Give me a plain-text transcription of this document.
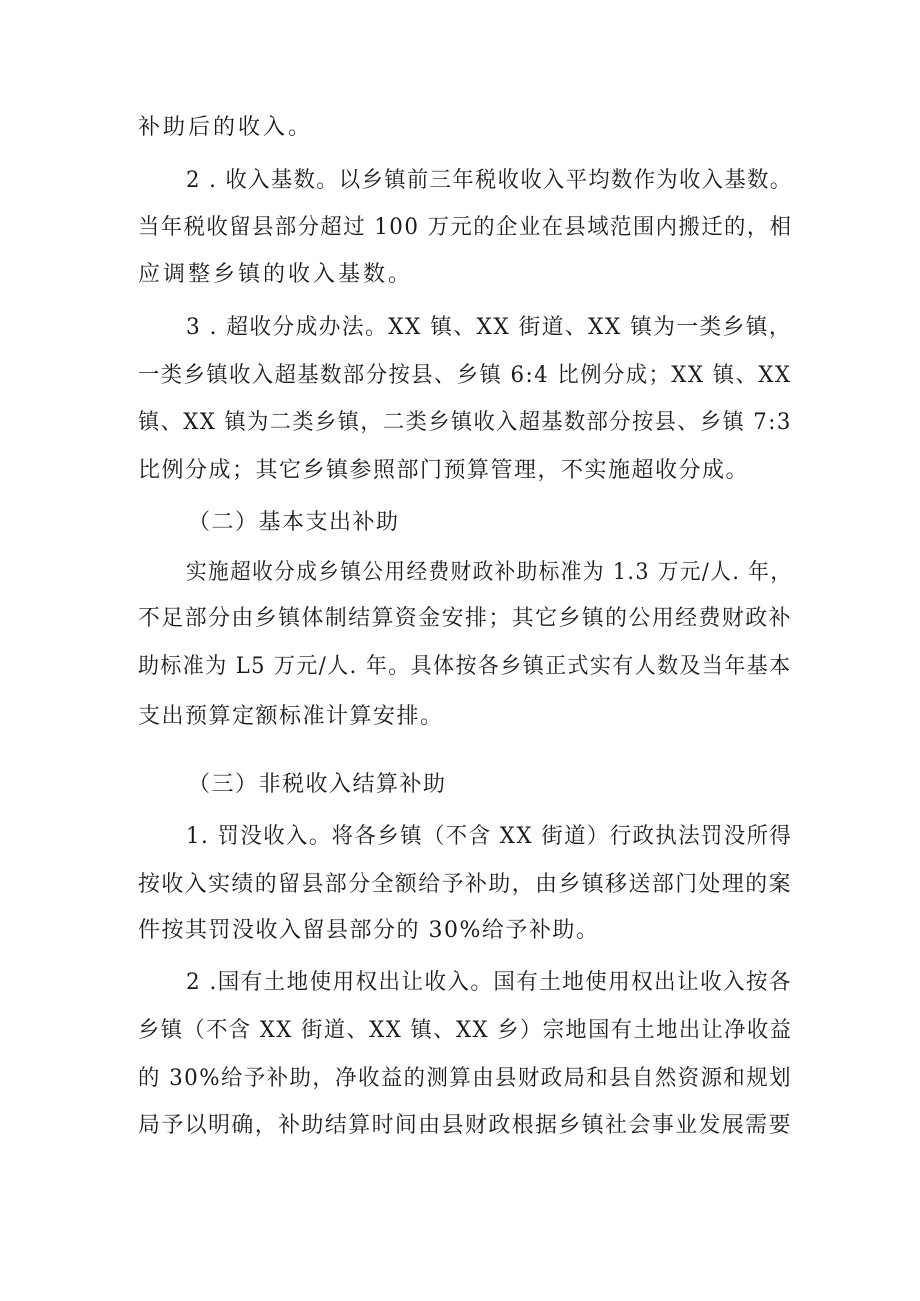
补助后的收入。
2 . 收入基数。以乡镇前三年税收收入平均数作为收入基数。
当年税收留县部分超过 100 万元的企业在县域范围内搬迁的，相
应调整乡镇的收入基数。
3 . 超收分成办法。XX 镇、XX 街道、XX 镇为一类乡镇，
一类乡镇收入超基数部分按县、乡镇 6:4 比例分成；XX 镇、XX
镇、XX 镇为二类乡镇，二类乡镇收入超基数部分按县、乡镇 7:3
比例分成；其它乡镇参照部门预算管理，不实施超收分成。
（二）基本支出补助
实施超收分成乡镇公用经费财政补助标准为 1.3 万元/人. 年，
不足部分由乡镇体制结算资金安排；其它乡镇的公用经费财政补
助标准为 L5 万元/人. 年。具体按各乡镇正式实有人数及当年基本
支出预算定额标准计算安排。
（三）非税收入结算补助
1. 罚没收入。将各乡镇（不含 XX 街道）行政执法罚没所得
按收入实绩的留县部分全额给予补助，由乡镇移送部门处理的案
件按其罚没收入留县部分的 30%给予补助。
2 .国有土地使用权出让收入。国有土地使用权出让收入按各
乡镇（不含 XX 街道、XX 镇、XX 乡）宗地国有土地出让净收益
的 30%给予补助，净收益的测算由县财政局和县自然资源和规划
局予以明确，补助结算时间由县财政根据乡镇社会事业发展需要
